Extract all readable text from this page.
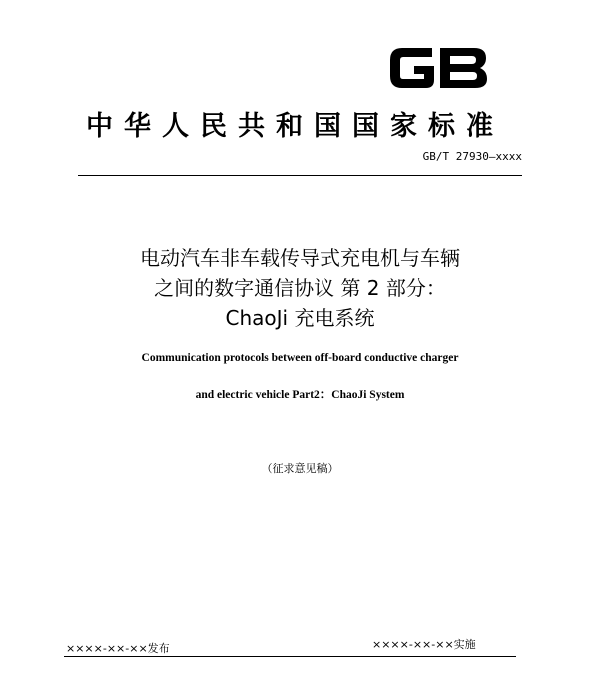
GB
中华人民共和国国家标准
GB/T 27930—xxxx
电动汽车非车载传导式充电机与车辆
之间的数字通信协议 第 2 部分：
ChaoJi 充电系统
Communication protocols between off-board conductive charger
and electric vehicle Part2：ChaoJi System
（征求意见稿）
××××-××-××发布	××××-××-××实施
